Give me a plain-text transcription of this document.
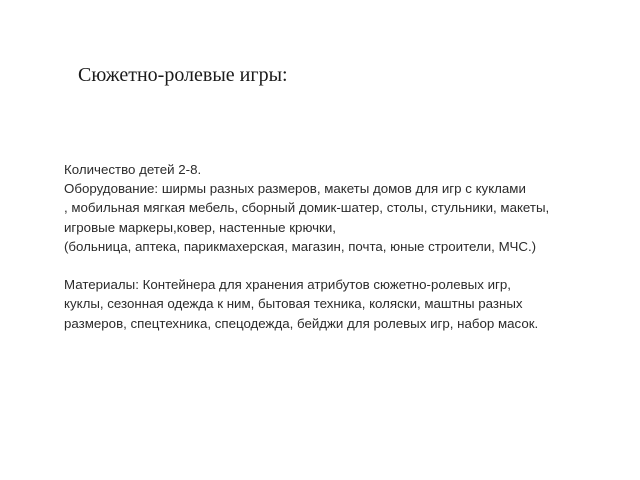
Сюжетно-ролевые игры:
Количество детей 2-8.
Оборудование: ширмы разных размеров, макеты домов для игр с куклами
, мобильная мягкая мебель, сборный домик-шатер, столы, стульники, макеты,
игровые маркеры,ковер, настенные крючки,
(больница, аптека, парикмахерская, магазин, почта, юные строители, МЧС.)
Материалы: Контейнера для хранения атрибутов сюжетно-ролевых игр,
куклы, сезонная одежда к ним, бытовая техника, коляски, маштны разных
размеров, спецтехника, спецодежда, бейджи для ролевых игр, набор масок.
